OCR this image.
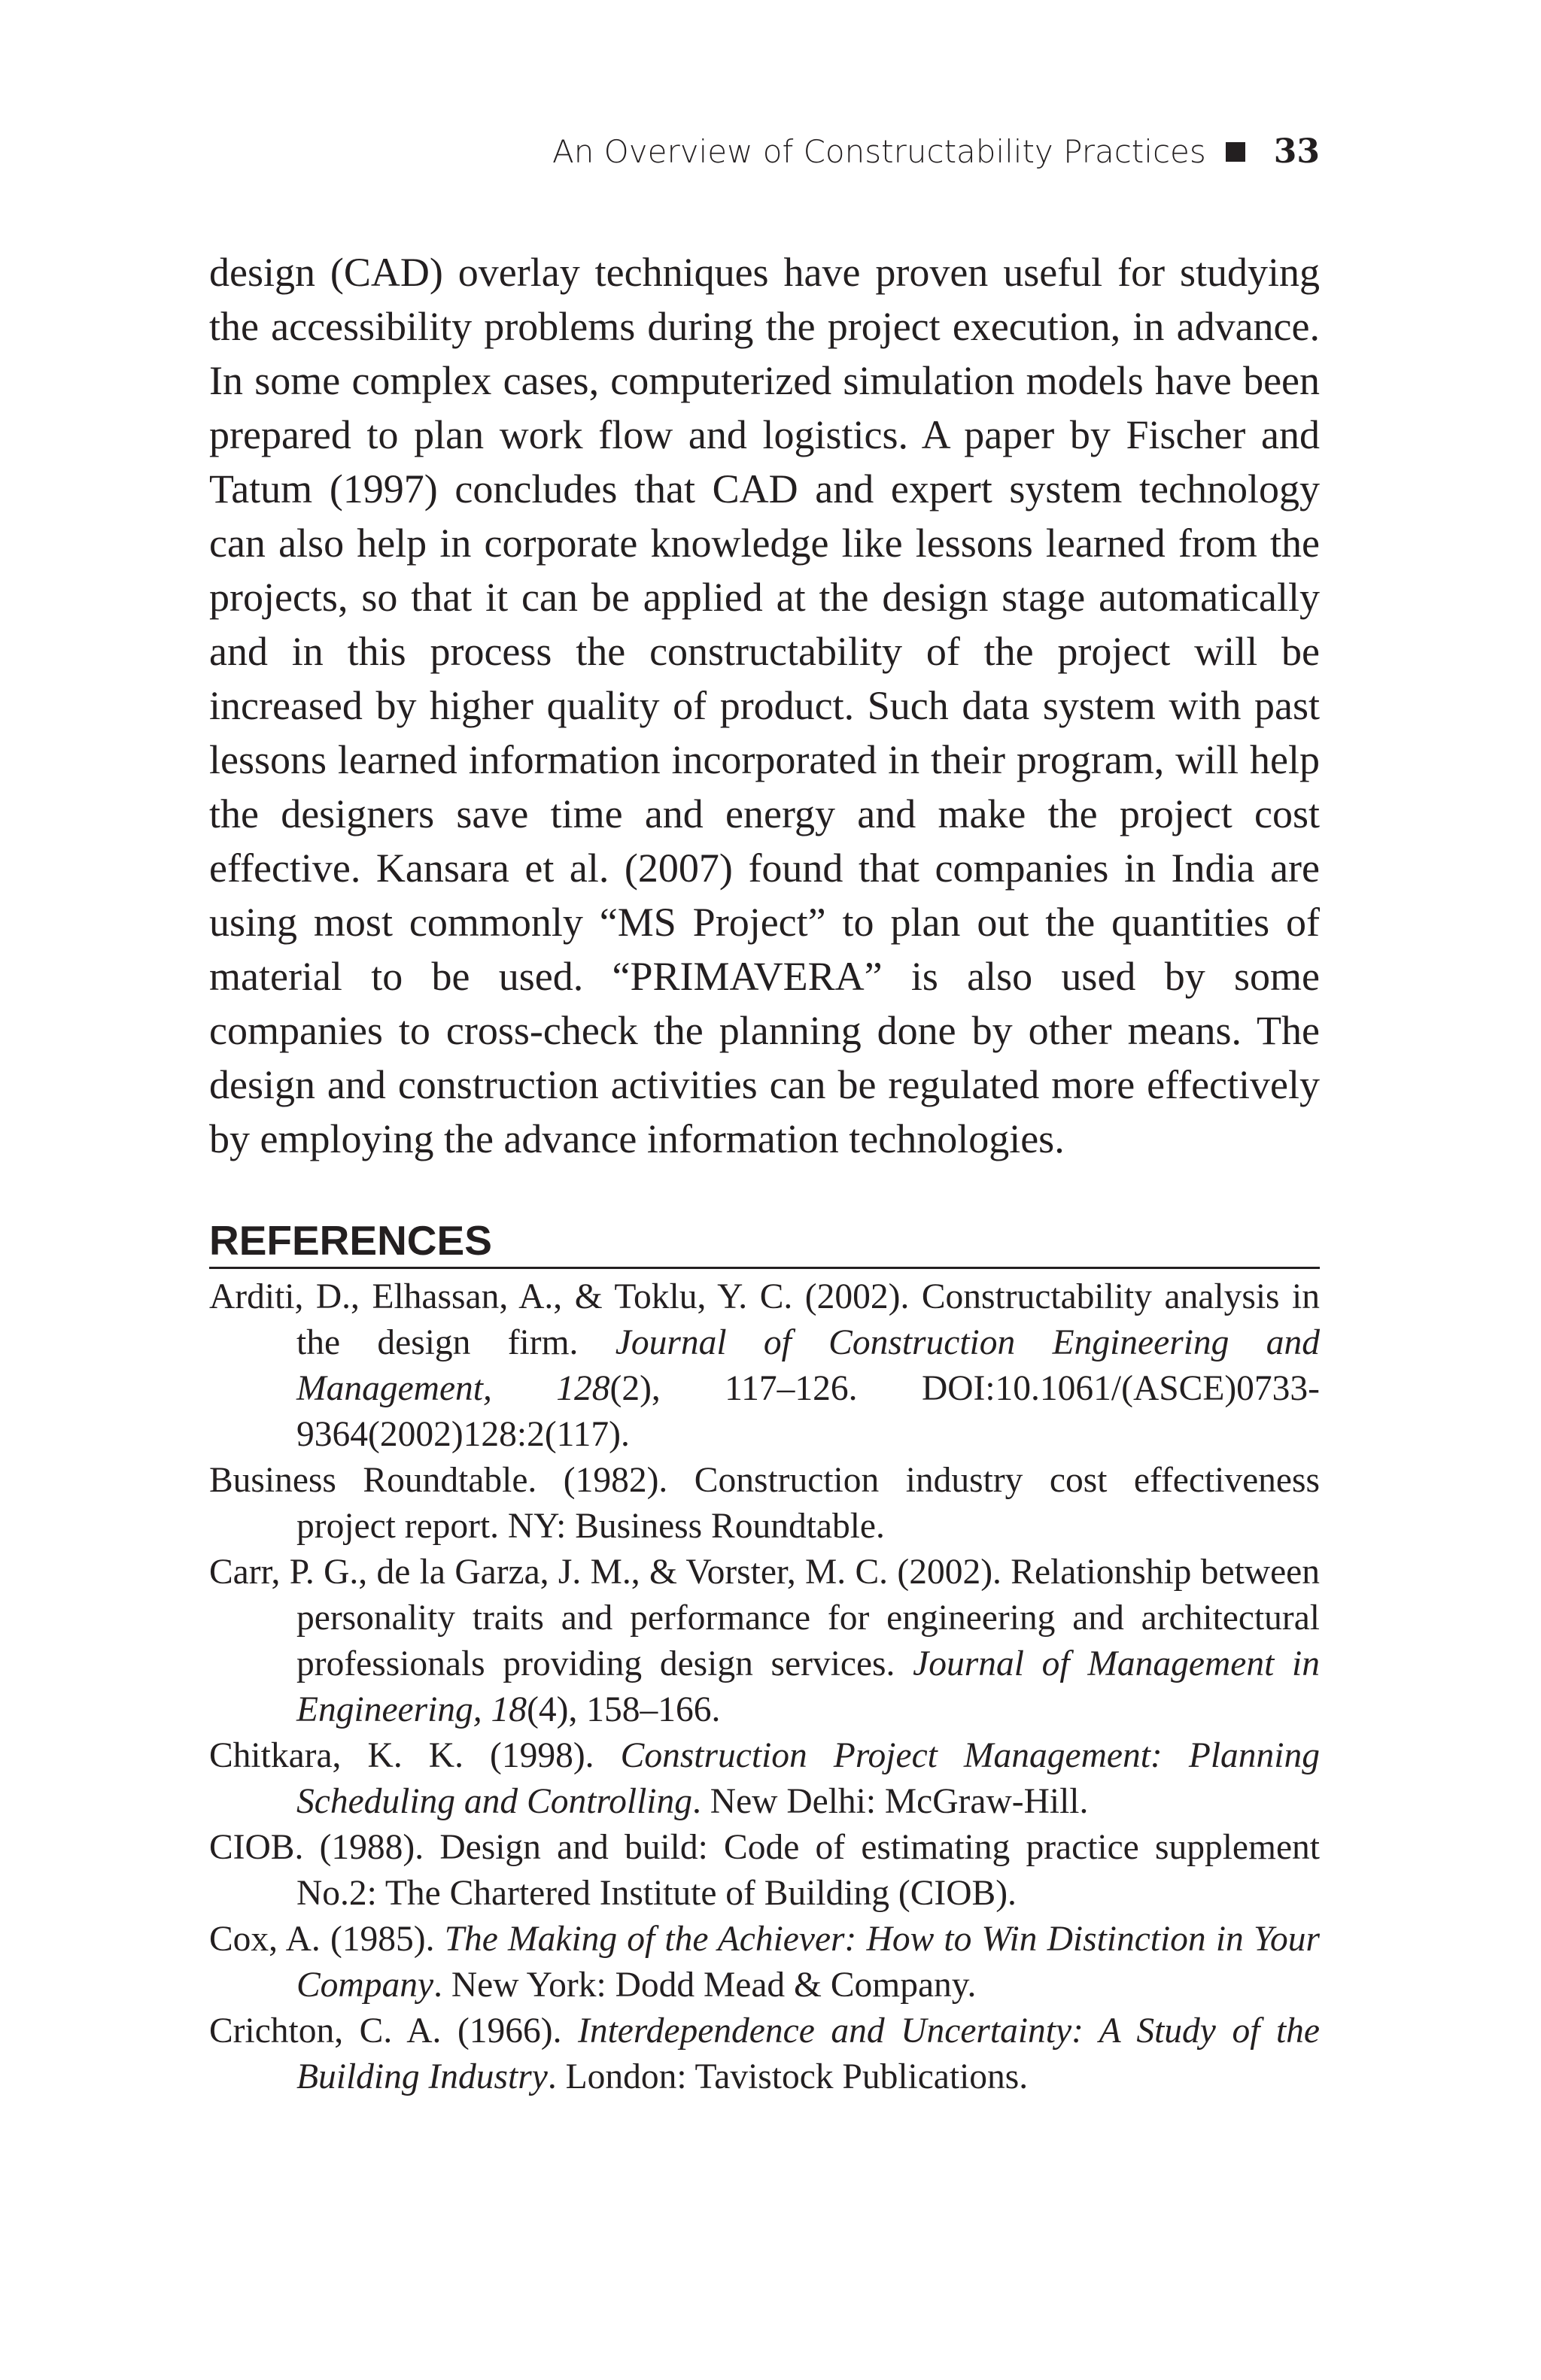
An Overview of Constructability Practices 33

design (CAD) overlay techniques have proven useful for studying the accessibility problems during the project execution, in advance. In some complex cases, computerized simulation models have been prepared to plan work flow and logistics. A paper by Fischer and Tatum (1997) concludes that CAD and expert system technology can also help in corporate knowledge like lessons learned from the projects, so that it can be applied at the design stage automatically and in this process the constructability of the project will be increased by higher quality of product. Such data system with past lessons learned information incorporated in their program, will help the designers save time and energy and make the project cost effective. Kansara et al. (2007) found that companies in India are using most commonly “MS Project” to plan out the quantities of material to be used. “PRIMAVERA” is also used by some companies to cross-check the planning done by other means. The design and construction activities can be regulated more effectively by employing the advance information technologies.

REFERENCES
Arditi, D., Elhassan, A., & Toklu, Y. C. (2002). Constructability analysis in the design firm. Journal of Construction Engineering and Management, 128(2), 117–126. DOI:10.1061/(ASCE)0733-9364(2002)128:2(117).
Business Roundtable. (1982). Construction industry cost effectiveness project report. NY: Business Roundtable.
Carr, P. G., de la Garza, J. M., & Vorster, M. C. (2002). Relationship between personality traits and performance for engineering and architectural professionals providing design services. Journal of Management in Engineering, 18(4), 158–166.
Chitkara, K. K. (1998). Construction Project Management: Planning Scheduling and Controlling. New Delhi: McGraw-Hill.
CIOB. (1988). Design and build: Code of estimating practice supplement No.2: The Chartered Institute of Building (CIOB).
Cox, A. (1985). The Making of the Achiever: How to Win Distinction in Your Company. New York: Dodd Mead & Company.
Crichton, C. A. (1966). Interdependence and Uncertainty: A Study of the Building Industry. London: Tavistock Publications.
